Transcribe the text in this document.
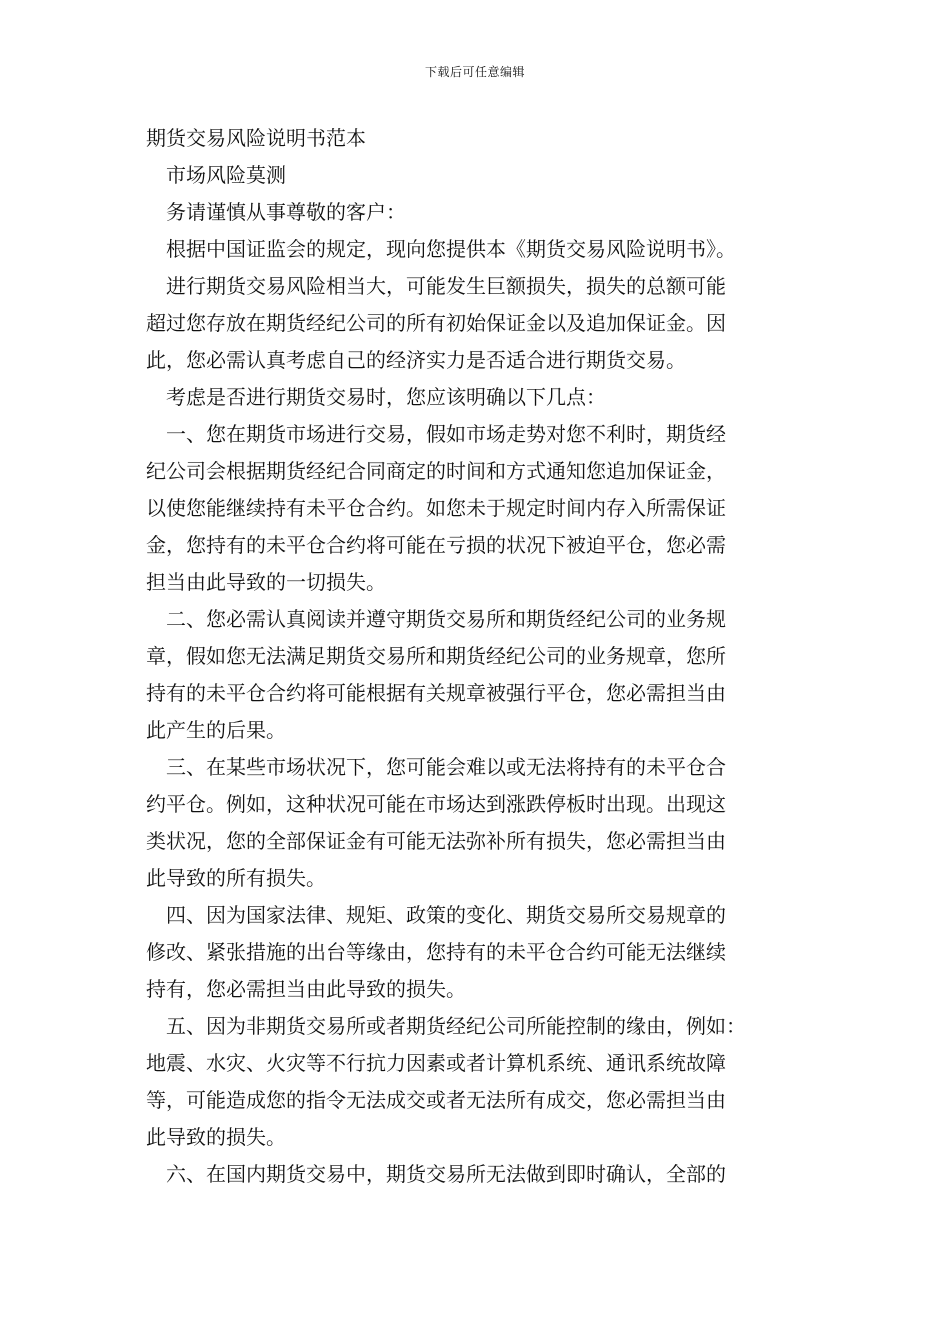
下载后可任意编辑
期货交易风险说明书范本
市场风险莫测
务请谨慎从事尊敬的客户：
根据中国证监会的规定，现向您提供本《期货交易风险说明书》。
进行期货交易风险相当大，可能发生巨额损失，损失的总额可能
超过您存放在期货经纪公司的所有初始保证金以及追加保证金。因
此，您必需认真考虑自己的经济实力是否适合进行期货交易。
考虑是否进行期货交易时，您应该明确以下几点：
一、您在期货市场进行交易，假如市场走势对您不利时，期货经
纪公司会根据期货经纪合同商定的时间和方式通知您追加保证金，
以使您能继续持有未平仓合约。如您未于规定时间内存入所需保证
金，您持有的未平仓合约将可能在亏损的状况下被迫平仓，您必需
担当由此导致的一切损失。
二、您必需认真阅读并遵守期货交易所和期货经纪公司的业务规
章，假如您无法满足期货交易所和期货经纪公司的业务规章，您所
持有的未平仓合约将可能根据有关规章被强行平仓，您必需担当由
此产生的后果。
三、在某些市场状况下，您可能会难以或无法将持有的未平仓合
约平仓。例如，这种状况可能在市场达到涨跌停板时出现。出现这
类状况，您的全部保证金有可能无法弥补所有损失，您必需担当由
此导致的所有损失。
四、因为国家法律、规矩、政策的变化、期货交易所交易规章的
修改、紧张措施的出台等缘由，您持有的未平仓合约可能无法继续
持有，您必需担当由此导致的损失。
五、因为非期货交易所或者期货经纪公司所能控制的缘由，例如：
地震、水灾、火灾等不行抗力因素或者计算机系统、通讯系统故障
等，可能造成您的指令无法成交或者无法所有成交，您必需担当由
此导致的损失。
六、在国内期货交易中，期货交易所无法做到即时确认，全部的
